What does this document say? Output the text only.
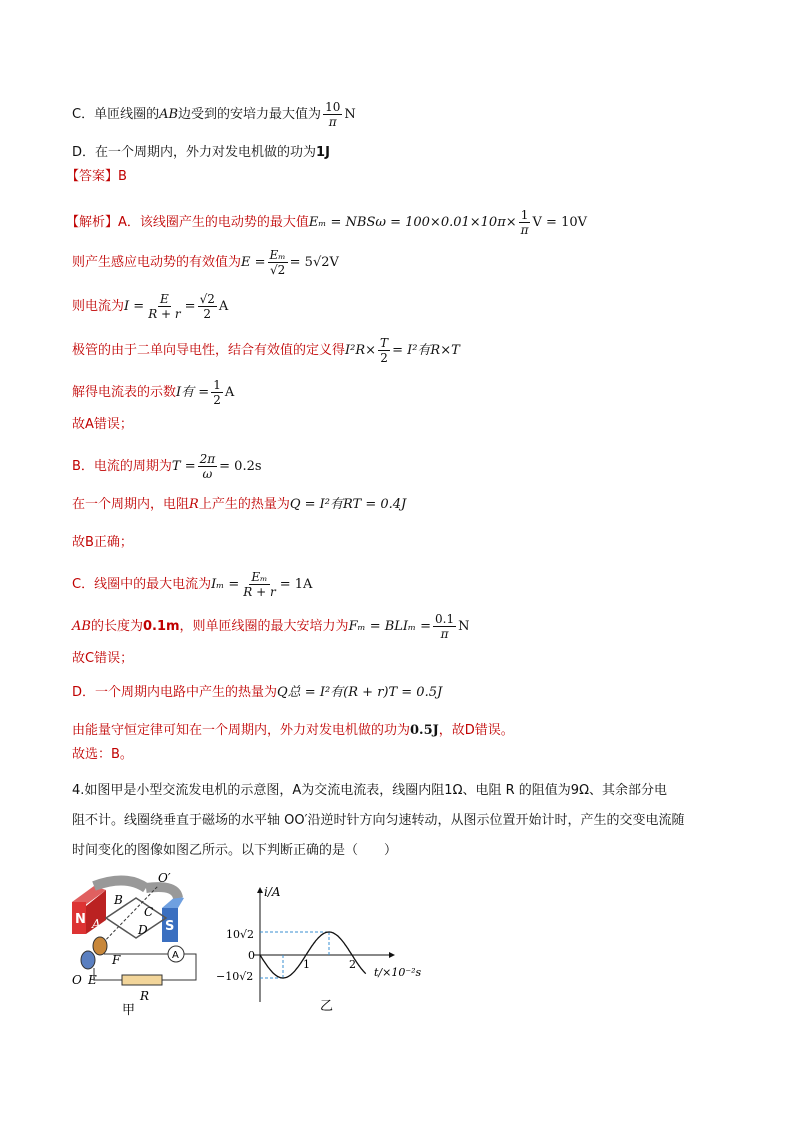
C．单匝线圈的AB边受到的安培力最大值为 $\frac{10}{\pi}$ N
D．在一个周期内，外力对发电机做的功为1J
【答案】B
【解析】A．该线圈产生的电动势的最大值$E_m = NBS\omega = 100\times 0.01\times 10\pi\times \frac{1}{\pi}$ V = 10V
则产生感应电动势的有效值为$E = \frac{\text{Eₘ}}{√2} = 5√2V$
则电流为$I = \frac{E}{R + r} = \frac{√2}{2}$ A
极管的由于二单向导电性，结合有效值的定义得$I^2R\times \frac{T}{2} = I^2$有R×T
解得电流表的示数I有 = $\frac{1}{2}$ A
故A错误；
B．电流的周期为$T = \frac{2\pi}{\omega} = 0.2s$
在一个周期内，电阻R上产生的热量为Q = I²有RT = 0.4J
故B正确；
C．线圈中的最大电流为$I_m = \frac{\text{Eₘ}}{R + r} = 1A$
AB的长度为0.1m，则单匝线圈的最大安培力为$F_m = BLI_m = \frac{0.1}{\pi}$ N
故C错误；
D．一个周期内电路中产生的热量为Q总 = I²有(R + r)T = 0.5J
由能量守恒定律可知在一个周期内，外力对发电机做的功为0.5J，故D错误。
故选：B。
4.如图甲是小型交流发电机的示意图，A为交流电流表，线圈内阻1Ω、电阻 R 的阻值为9Ω、其余部分电
阻不计。线圈绕垂直于磁场的水平轴 OO′沿逆时针方向匀速转动，从图示位置开始计时，产生的交变电流随
时间变化的图像如图乙所示。以下判断正确的是（　　）
N	S
O′
A
B
C
D
F
O E
A
R
甲
i/A
t/×10⁻²s
10√2
0
−10√2
1	2
乙
